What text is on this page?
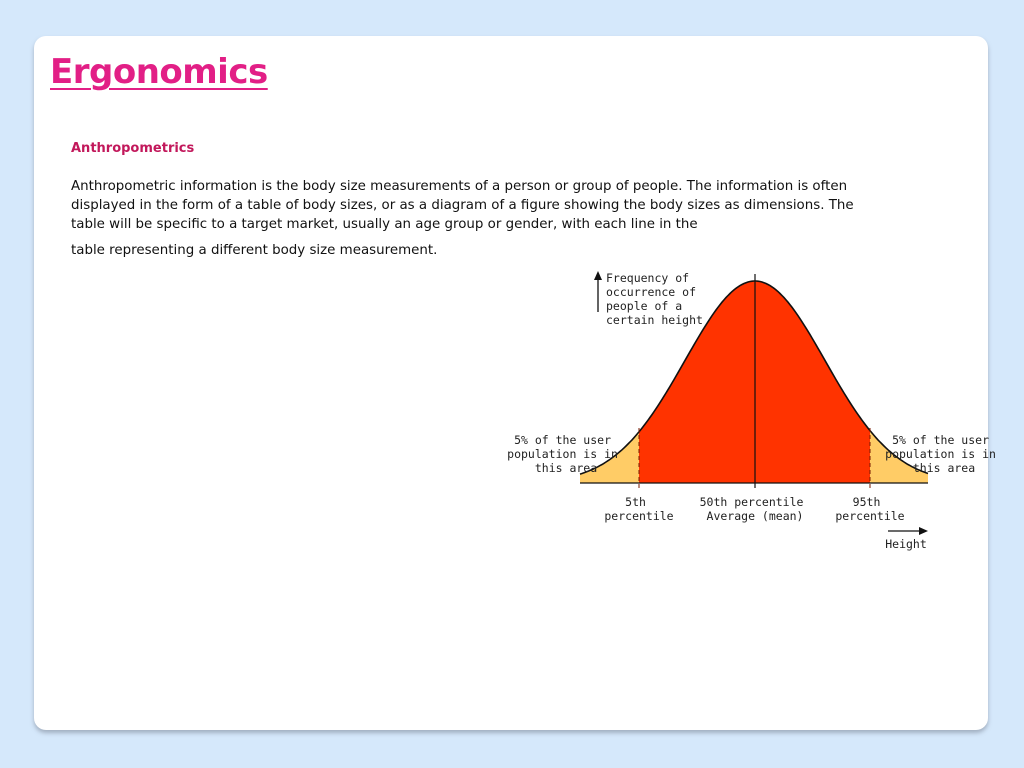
Ergonomics

Anthropometrics

Anthropometric information is the body size measurements of a person or group of people. The information is often displayed in the form of a table of body sizes, or as a diagram of a figure showing the body sizes as dimensions. The table will be specific to a target market, usually an age group or gender, with each line in the

table representing a different body size measurement.

Frequency of occurrence of people of a certain height
5% of the user population is in this area
5% of the user population is in this area
5th percentile
50th percentile Average (mean)
95th percentile
Height
